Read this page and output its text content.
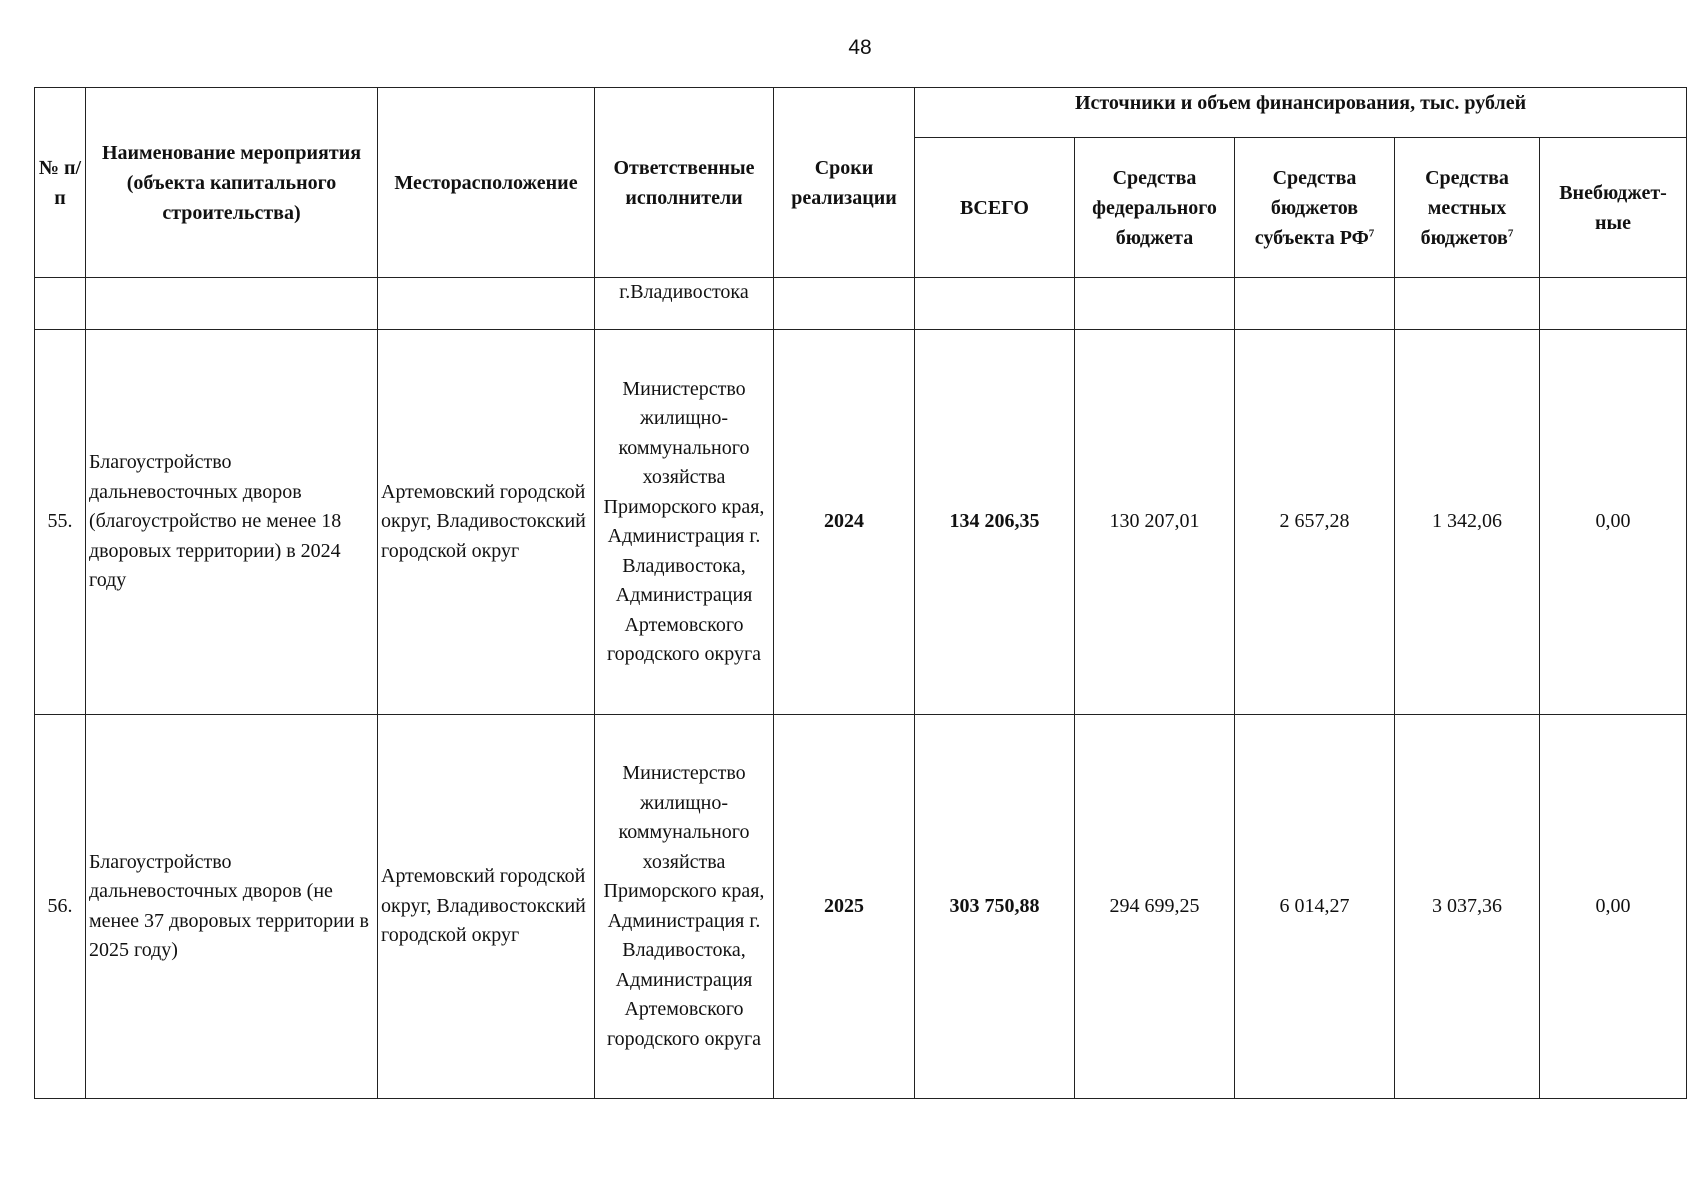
48
№ п/п	Наименование мероприятия (объекта капитального строительства)	Месторасположение	Ответственные исполнители	Сроки реализации	Источники и объем финансирования, тыс. рублей				
					ВСЕГО	Средства федерального бюджета	Средства бюджетов субъекта $РФ^7$	Средства местных бюджетов$^7$	Внебюджет-ные
			г.Владивостока						
55.	Благоустройство дальневосточных дворов (благоустройство не менее 18 дворовых территории) в 2024 году	Артемовский городской округ, Владивостокский городской округ	Министерство жилищно-коммунального хозяйства Приморского края, Администрация г. Владивостока, Администрация Артемовского городского округа	2024	134 206,35	130 207,01	2 657,28	1 342,06	0,00
56.	Благоустройство дальневосточных дворов (не менее 37 дворовых территории в 2025 году)	Артемовский городской округ, Владивостокский городской округ	Министерство жилищно-коммунального хозяйства Приморского края, Администрация г. Владивостока, Администрация Артемовского городского округа	2025	303 750,88	294 699,25	6 014,27	3 037,36	0,00
